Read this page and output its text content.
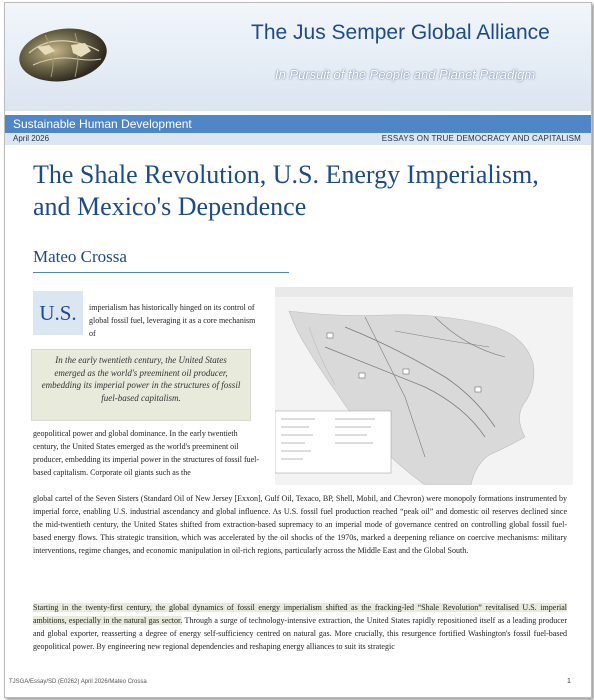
The Jus Semper Global Alliance
In Pursuit of the People and Planet Paradigm
Sustainable Human Development
April 2026	ESSAYS ON TRUE DEMOCRACY AND CAPITALISM
The Shale Revolution, U.S. Energy Imperialism, and Mexico's Dependence
Mateo Crossa
U.S.	imperialism has historically hinged on its control of global fossil fuel, leveraging it as a core mechanism of

In the early twentieth century, the United States emerged as the world's preeminent oil producer, embedding its imperial power in the structures of fossil fuel-based capitalism.

geopolitical power and global dominance. In the early twentieth century, the United States emerged as the world's preeminent oil producer, embedding its imperial power in the structures of fossil fuel-based capitalism. Corporate oil giants such as the

global cartel of the Seven Sisters (Standard Oil of New Jersey [Exxon], Gulf Oil, Texaco, BP, Shell, Mobil, and Chevron) were monopoly formations instrumented by imperial force, enabling U.S. industrial ascendancy and global influence. As U.S. fossil fuel production reached “peak oil” and domestic oil reserves declined since the mid-twentieth century, the United States shifted from extraction-based supremacy to an imperial mode of governance centred on controlling global fossil fuel-based energy flows. This strategic transition, which was accelerated by the oil shocks of the 1970s, marked a deepening reliance on coercive mechanisms: military interventions, regime changes, and economic manipulation in oil-rich regions, particularly across the Middle East and the Global South.

Starting in the twenty-first century, the global dynamics of fossil energy imperialism shifted as the fracking-led “Shale Revolution” revitalised U.S. imperial ambitions, especially in the natural gas sector. Through a surge of technology-intensive extraction, the United States rapidly repositioned itself as a leading producer and global exporter, reasserting a degree of energy self-sufficiency centred on natural gas. More crucially, this resurgence fortified Washington's fossil fuel-based geopolitical power. By engineering new regional dependencies and reshaping energy alliances to suit its strategic

TJSGA/Essay/SD (E0262) April 2026/Mateo Crossa	1
